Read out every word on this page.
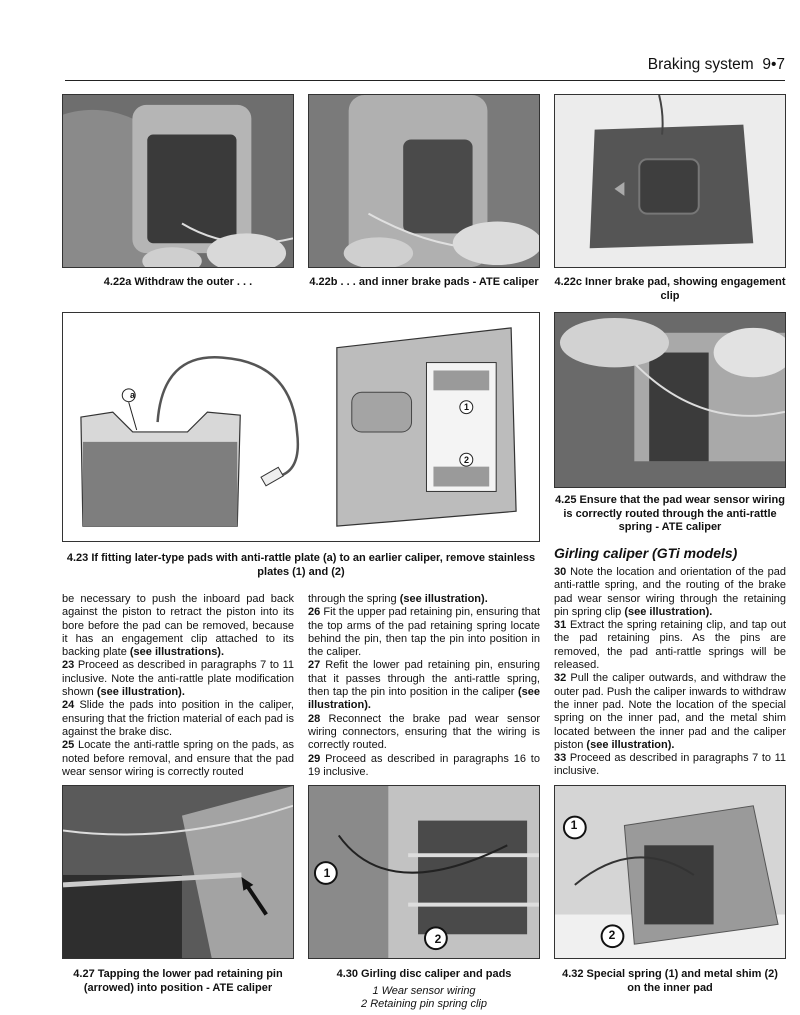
Braking system 9•7
4.22a Withdraw the outer . . .	4.22b . . . and inner brake pads - ATE caliper 4.22c Inner brake pad, showing engagement clip
a
1
2
4.23 If fitting later-type pads with anti-rattle plate (a) to an earlier caliper, remove stainless plates (1) and (2)
4.25 Ensure that the pad wear sensor wiring is correctly routed through the anti-rattle spring - ATE caliper

be necessary to push the inboard pad back against the piston to retract the piston into its bore before the pad can be removed, because it has an engagement clip attached to its backing plate (see illustrations).

23 Proceed as described in paragraphs 7 to 11 inclusive. Note the anti-rattle plate modification shown (see illustration).

24 Slide the pads into position in the caliper, ensuring that the friction material of each pad is against the brake disc.

25 Locate the anti-rattle spring on the pads, as noted before removal, and ensure that the pad wear sensor wiring is correctly routed

through the spring (see illustration).

26 Fit the upper pad retaining pin, ensuring that the top arms of the pad retaining spring locate behind the pin, then tap the pin into position in the caliper.

27 Refit the lower pad retaining pin, ensuring that it passes through the anti-rattle spring, then tap the pin into position in the caliper (see illustration).

28 Reconnect the brake pad wear sensor wiring connectors, ensuring that the wiring is correctly routed.

29 Proceed as described in paragraphs 16 to 19 inclusive.

Girling caliper (GTi models)

30 Note the location and orientation of the pad anti-rattle spring, and the routing of the brake pad wear sensor wiring through the retaining pin spring clip (see illustration).

31 Extract the spring retaining clip, and tap out the pad retaining pins. As the pins are removed, the pad anti-rattle springs will be released.

32 Pull the caliper outwards, and withdraw the outer pad. Push the caliper inwards to withdraw the inner pad. Note the location of the special spring on the inner pad, and the metal shim located between the inner pad and the caliper piston (see illustration).

33 Proceed as described in paragraphs 7 to 11 inclusive.

4.27 Tapping the lower pad retaining pin (arrowed) into position - ATE caliper
1
2
4.30 Girling disc caliper and pads
1 Wear sensor wiring
2 Retaining pin spring clip
1
2
4.32 Special spring (1) and metal shim (2) on the inner pad
